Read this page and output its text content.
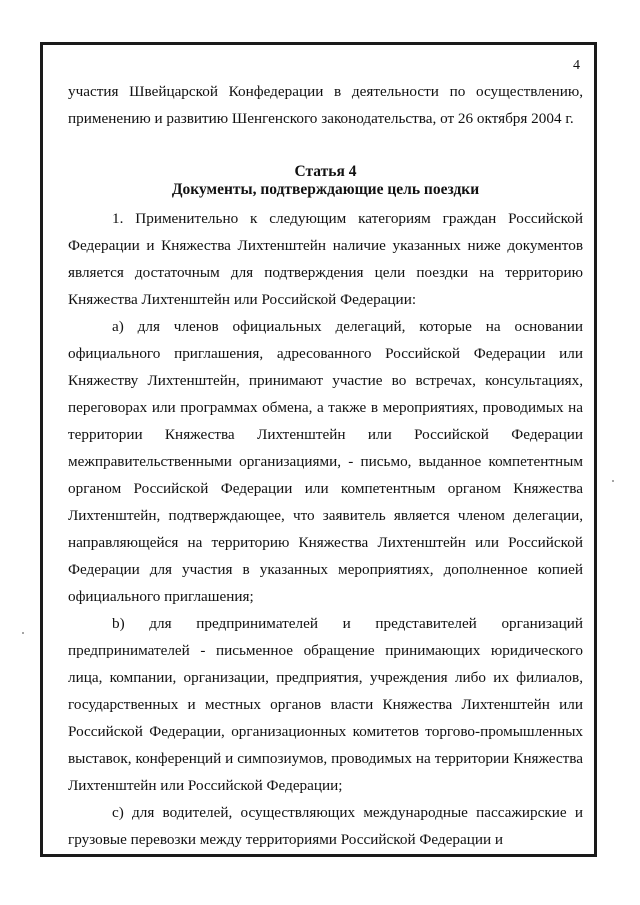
4

участия Швейцарской Конфедерации в деятельности по осуществлению, применению и развитию Шенгенского законодательства, от 26 октября 2004 г.

Статья 4
Документы, подтверждающие цель поездки

1. Применительно к следующим категориям граждан Российской Федерации и Княжества Лихтенштейн наличие указанных ниже документов является достаточным для подтверждения цели поездки на территорию Княжества Лихтенштейн или Российской Федерации:

a) для членов официальных делегаций, которые на основании официального приглашения, адресованного Российской Федерации или Княжеству Лихтенштейн, принимают участие во встречах, консультациях, переговорах или программах обмена, а также в мероприятиях, проводимых на территории Княжества Лихтенштейн или Российской Федерации межправительственными организациями, - письмо, выданное компетентным органом Российской Федерации или компетентным органом Княжества Лихтенштейн, подтверждающее, что заявитель является членом делегации, направляющейся на территорию Княжества Лихтенштейн или Российской Федерации для участия в указанных мероприятиях, дополненное копией официального приглашения;

b) для предпринимателей и представителей организаций предпринимателей - письменное обращение принимающих юридического лица, компании, организации, предприятия, учреждения либо их филиалов, государственных и местных органов власти Княжества Лихтенштейн или Российской Федерации, организационных комитетов торгово-промышленных выставок, конференций и симпозиумов, проводимых на территории Княжества Лихтенштейн или Российской Федерации;

c) для водителей, осуществляющих международные пассажирские и грузовые перевозки между территориями Российской Федерации и
